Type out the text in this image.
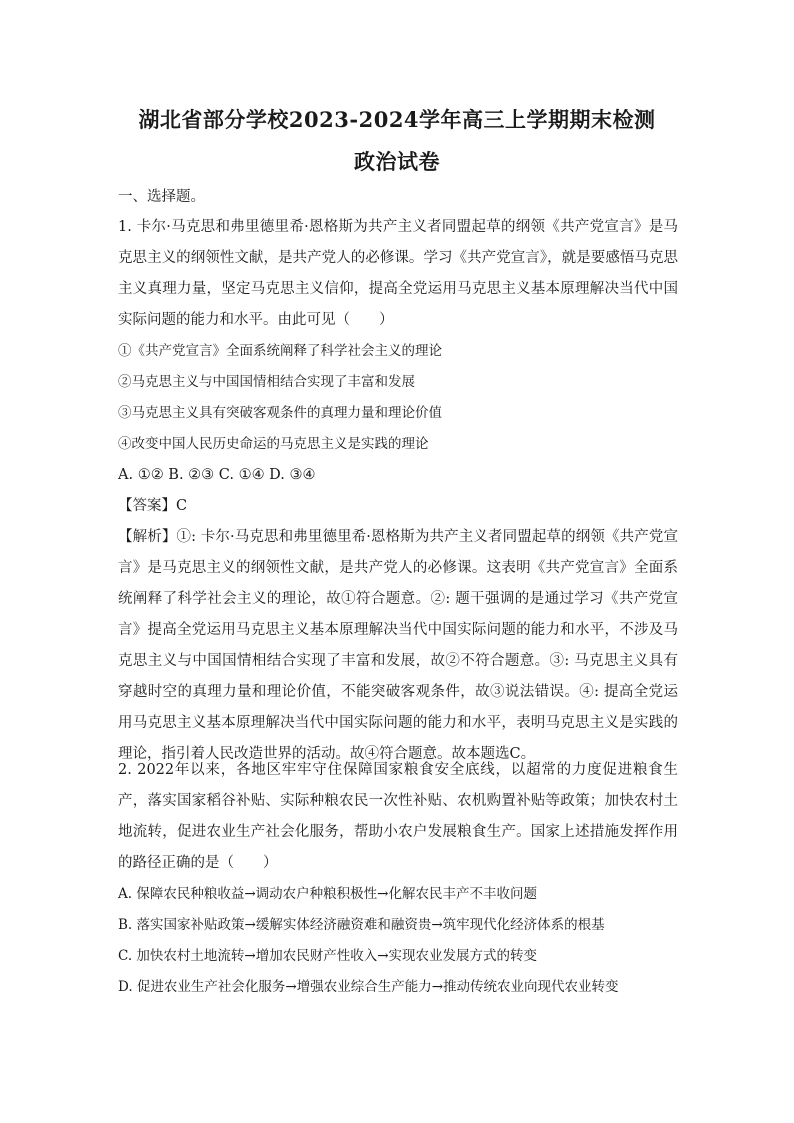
湖北省部分学校2023-2024学年高三上学期期末检测
政治试卷
一、选择题。

1. 卡尔·马克思和弗里德里希·恩格斯为共产主义者同盟起草的纲领《共产党宣言》是马克思主义的纲领性文献，是共产党人的必修课。学习《共产党宣言》，就是要感悟马克思主义真理力量，坚定马克思主义信仰，提高全党运用马克思主义基本原理解决当代中国实际问题的能力和水平。由此可见（　　）

①《共产党宣言》全面系统阐释了科学社会主义的理论

②马克思主义与中国国情相结合实现了丰富和发展

③马克思主义具有突破客观条件的真理力量和理论价值

④改变中国人民历史命运的马克思主义是实践的理论

A. ①② B. ②③ C. ①④ D. ③④

【答案】C

【解析】①: 卡尔·马克思和弗里德里希·恩格斯为共产主义者同盟起草的纲领《共产党宣言》是马克思主义的纲领性文献，是共产党人的必修课。这表明《共产党宣言》全面系统阐释了科学社会主义的理论，故①符合题意。②: 题干强调的是通过学习《共产党宣言》提高全党运用马克思主义基本原理解决当代中国实际问题的能力和水平，不涉及马克思主义与中国国情相结合实现了丰富和发展，故②不符合题意。③: 马克思主义具有穿越时空的真理力量和理论价值，不能突破客观条件，故③说法错误。④: 提高全党运用马克思主义基本原理解决当代中国实际问题的能力和水平，表明马克思主义是实践的理论，指引着人民改造世界的活动。故④符合题意。故本题选C。

2. 2022年以来，各地区牢牢守住保障国家粮食安全底线，以超常的力度促进粮食生产，落实国家稻谷补贴、实际种粮农民一次性补贴、农机购置补贴等政策；加快农村土地流转，促进农业生产社会化服务，帮助小农户发展粮食生产。国家上述措施发挥作用的路径正确的是（　　）

A. 保障农民种粮收益→调动农户种粮积极性→化解农民丰产不丰收问题

B. 落实国家补贴政策→缓解实体经济融资难和融资贵→筑牢现代化经济体系的根基

C. 加快农村土地流转→增加农民财产性收入→实现农业发展方式的转变

D. 促进农业生产社会化服务→增强农业综合生产能力→推动传统农业向现代农业转变
